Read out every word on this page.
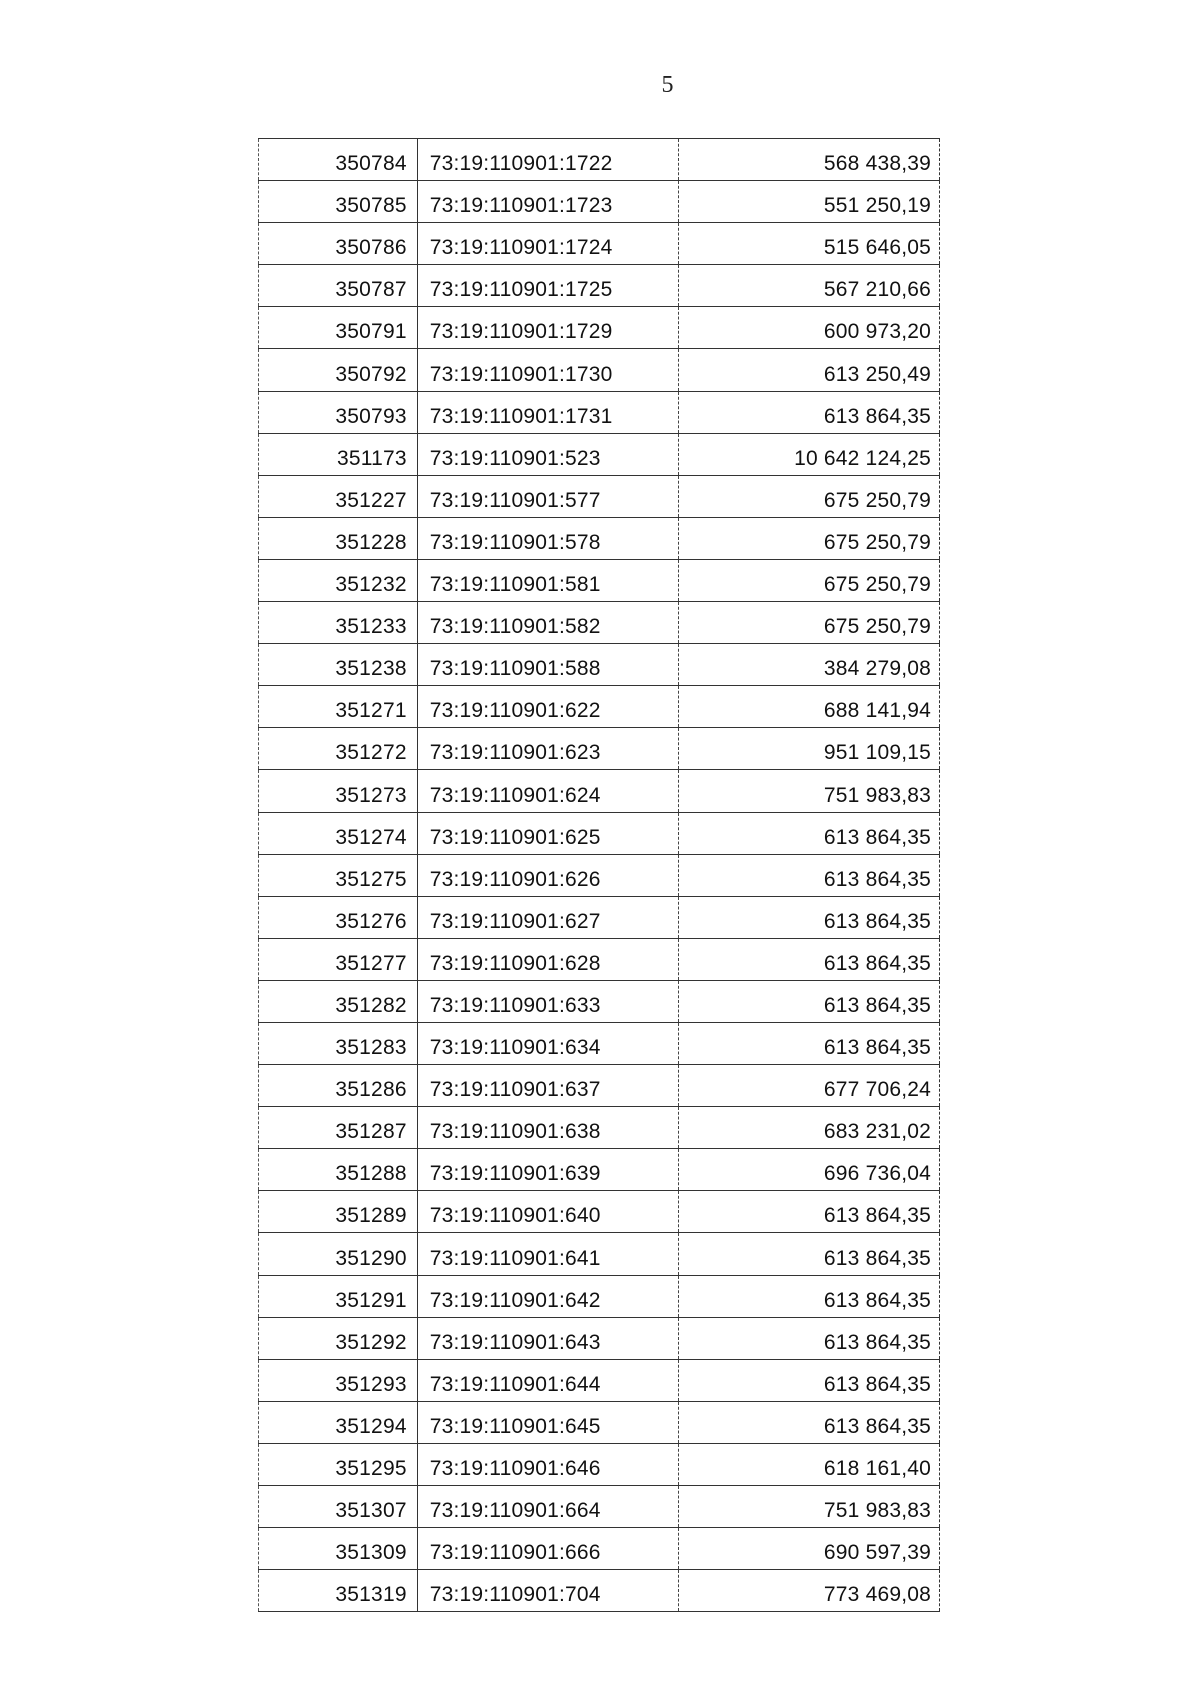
5
350784	73:19:110901:1722	568 438,39
350785	73:19:110901:1723	551 250,19
350786	73:19:110901:1724	515 646,05
350787	73:19:110901:1725	567 210,66
350791	73:19:110901:1729	600 973,20
350792	73:19:110901:1730	613 250,49
350793	73:19:110901:1731	613 864,35
351173	73:19:110901:523	10 642 124,25
351227	73:19:110901:577	675 250,79
351228	73:19:110901:578	675 250,79
351232	73:19:110901:581	675 250,79
351233	73:19:110901:582	675 250,79
351238	73:19:110901:588	384 279,08
351271	73:19:110901:622	688 141,94
351272	73:19:110901:623	951 109,15
351273	73:19:110901:624	751 983,83
351274	73:19:110901:625	613 864,35
351275	73:19:110901:626	613 864,35
351276	73:19:110901:627	613 864,35
351277	73:19:110901:628	613 864,35
351282	73:19:110901:633	613 864,35
351283	73:19:110901:634	613 864,35
351286	73:19:110901:637	677 706,24
351287	73:19:110901:638	683 231,02
351288	73:19:110901:639	696 736,04
351289	73:19:110901:640	613 864,35
351290	73:19:110901:641	613 864,35
351291	73:19:110901:642	613 864,35
351292	73:19:110901:643	613 864,35
351293	73:19:110901:644	613 864,35
351294	73:19:110901:645	613 864,35
351295	73:19:110901:646	618 161,40
351307	73:19:110901:664	751 983,83
351309	73:19:110901:666	690 597,39
351319	73:19:110901:704	773 469,08
